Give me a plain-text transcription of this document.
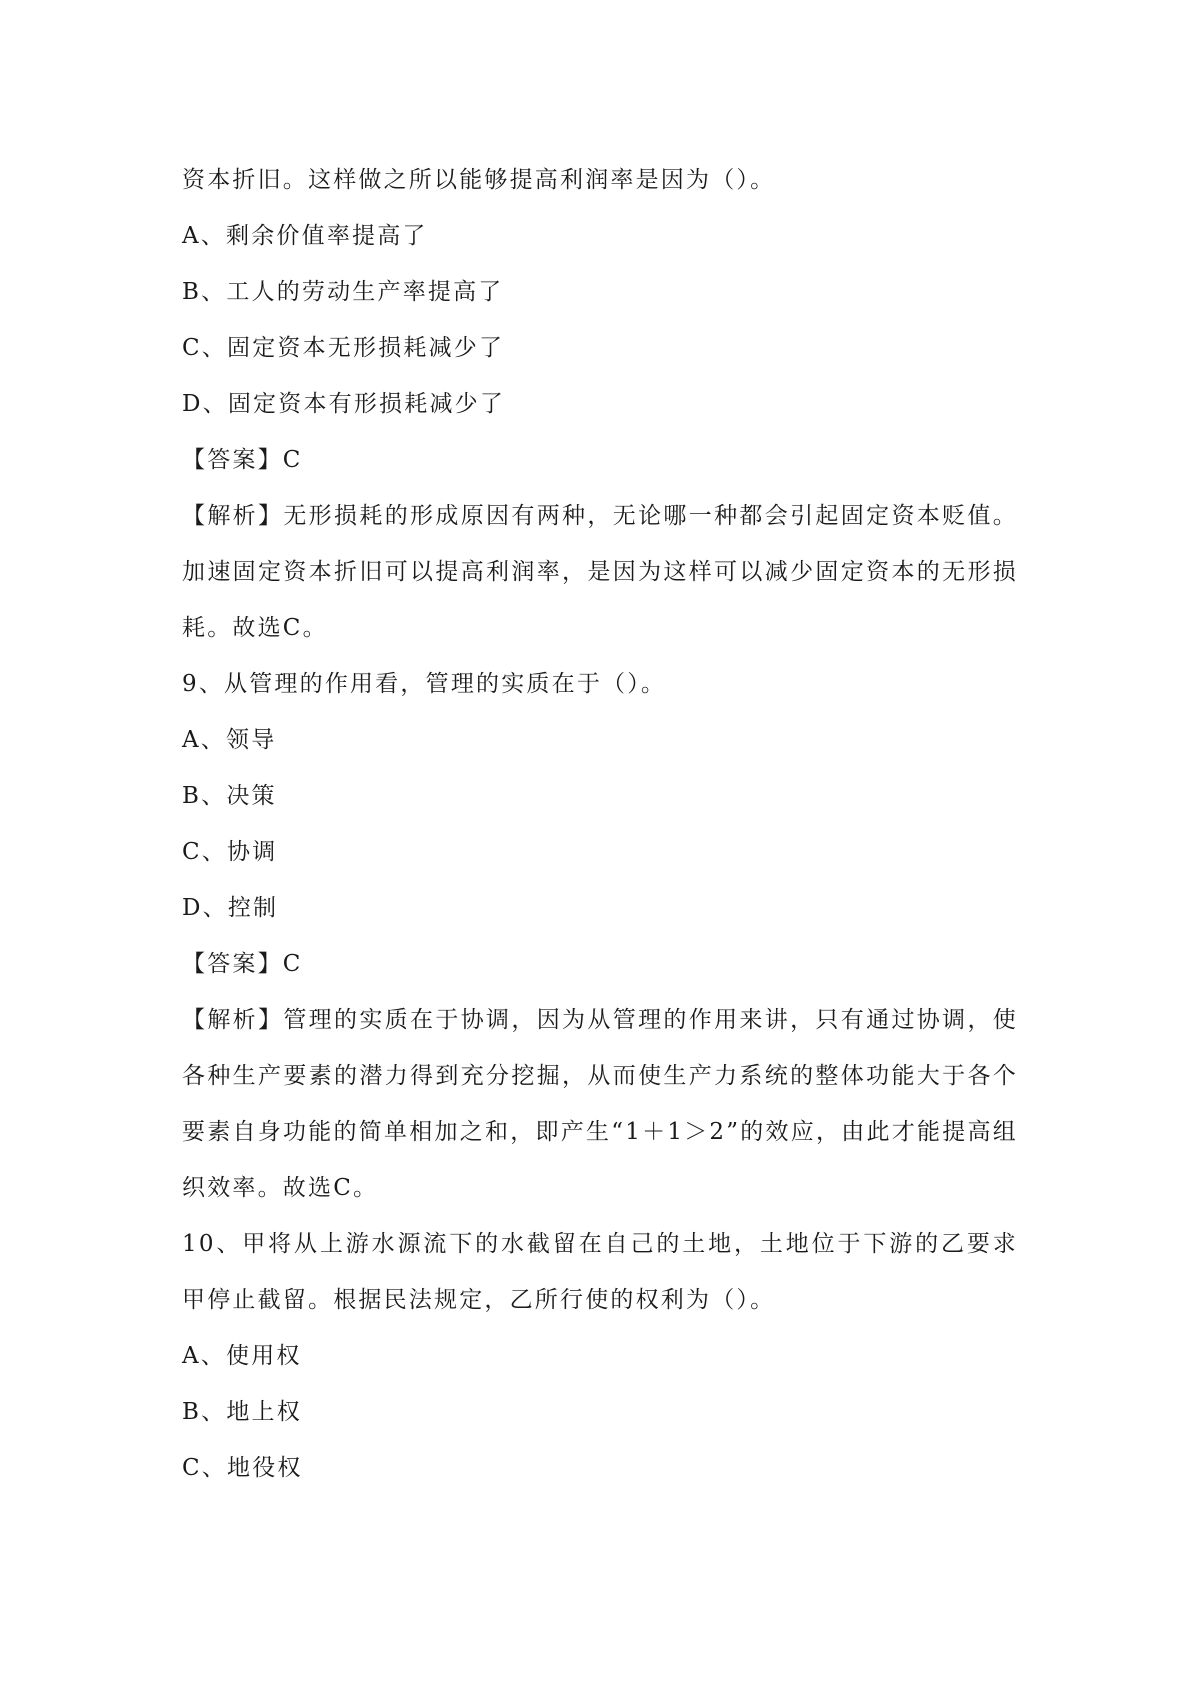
资本折旧。这样做之所以能够提高利润率是因为（）。
A、剩余价值率提高了
B、工人的劳动生产率提高了
C、固定资本无形损耗减少了
D、固定资本有形损耗减少了
【答案】C
【解析】无形损耗的形成原因有两种，无论哪一种都会引起固定资本贬值。加速固定资本折旧可以提高利润率，是因为这样可以减少固定资本的无形损耗。故选C。
9、从管理的作用看，管理的实质在于（）。
A、领导
B、决策
C、协调
D、控制
【答案】C
【解析】管理的实质在于协调，因为从管理的作用来讲，只有通过协调，使各种生产要素的潜力得到充分挖掘，从而使生产力系统的整体功能大于各个要素自身功能的简单相加之和，即产生“1＋1＞2”的效应，由此才能提高组织效率。故选C。
10、甲将从上游水源流下的水截留在自己的土地，土地位于下游的乙要求甲停止截留。根据民法规定，乙所行使的权利为（）。
A、使用权
B、地上权
C、地役权
